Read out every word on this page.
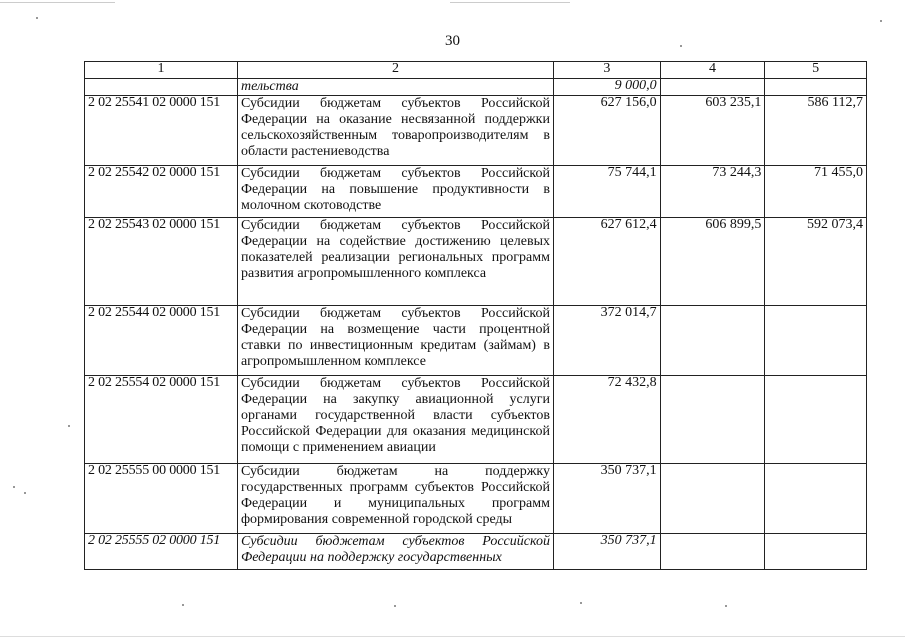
30
1	2	3	4	5
	тельства	9 000,0		
2 02 25541 02 0000 151	Субсидии бюджетам субъектов Российской Федерации на оказание несвязанной поддержки сельскохозяйственным товаропроизводителям в области растениеводства	627 156,0	603 235,1	586 112,7
2 02 25542 02 0000 151	Субсидии бюджетам субъектов Российской Федерации на повышение продуктивности в молочном скотоводстве	75 744,1	73 244,3	71 455,0
2 02 25543 02 0000 151	Субсидии бюджетам субъектов Российской Федерации на содействие достижению целевых показателей реализации региональных программ развития агропромышленного комплекса	627 612,4	606 899,5	592 073,4
2 02 25544 02 0000 151	Субсидии бюджетам субъектов Российской Федерации на возмещение части процентной ставки по инвестиционным кредитам (займам) в агропромышленном комплексе	372 014,7		
2 02 25554 02 0000 151	Субсидии бюджетам субъектов Российской Федерации на закупку авиационной услуги органами государственной власти субъектов Российской Федерации для оказания медицинской помощи с применением авиации	72 432,8		
2 02 25555 00 0000 151	Субсидии бюджетам на поддержку государственных программ субъектов Российской Федерации и муниципальных программ формирования современной городской среды	350 737,1		
2 02 25555 02 0000 151	Субсидии бюджетам субъектов Российской Федерации на поддержку государственных	350 737,1		
